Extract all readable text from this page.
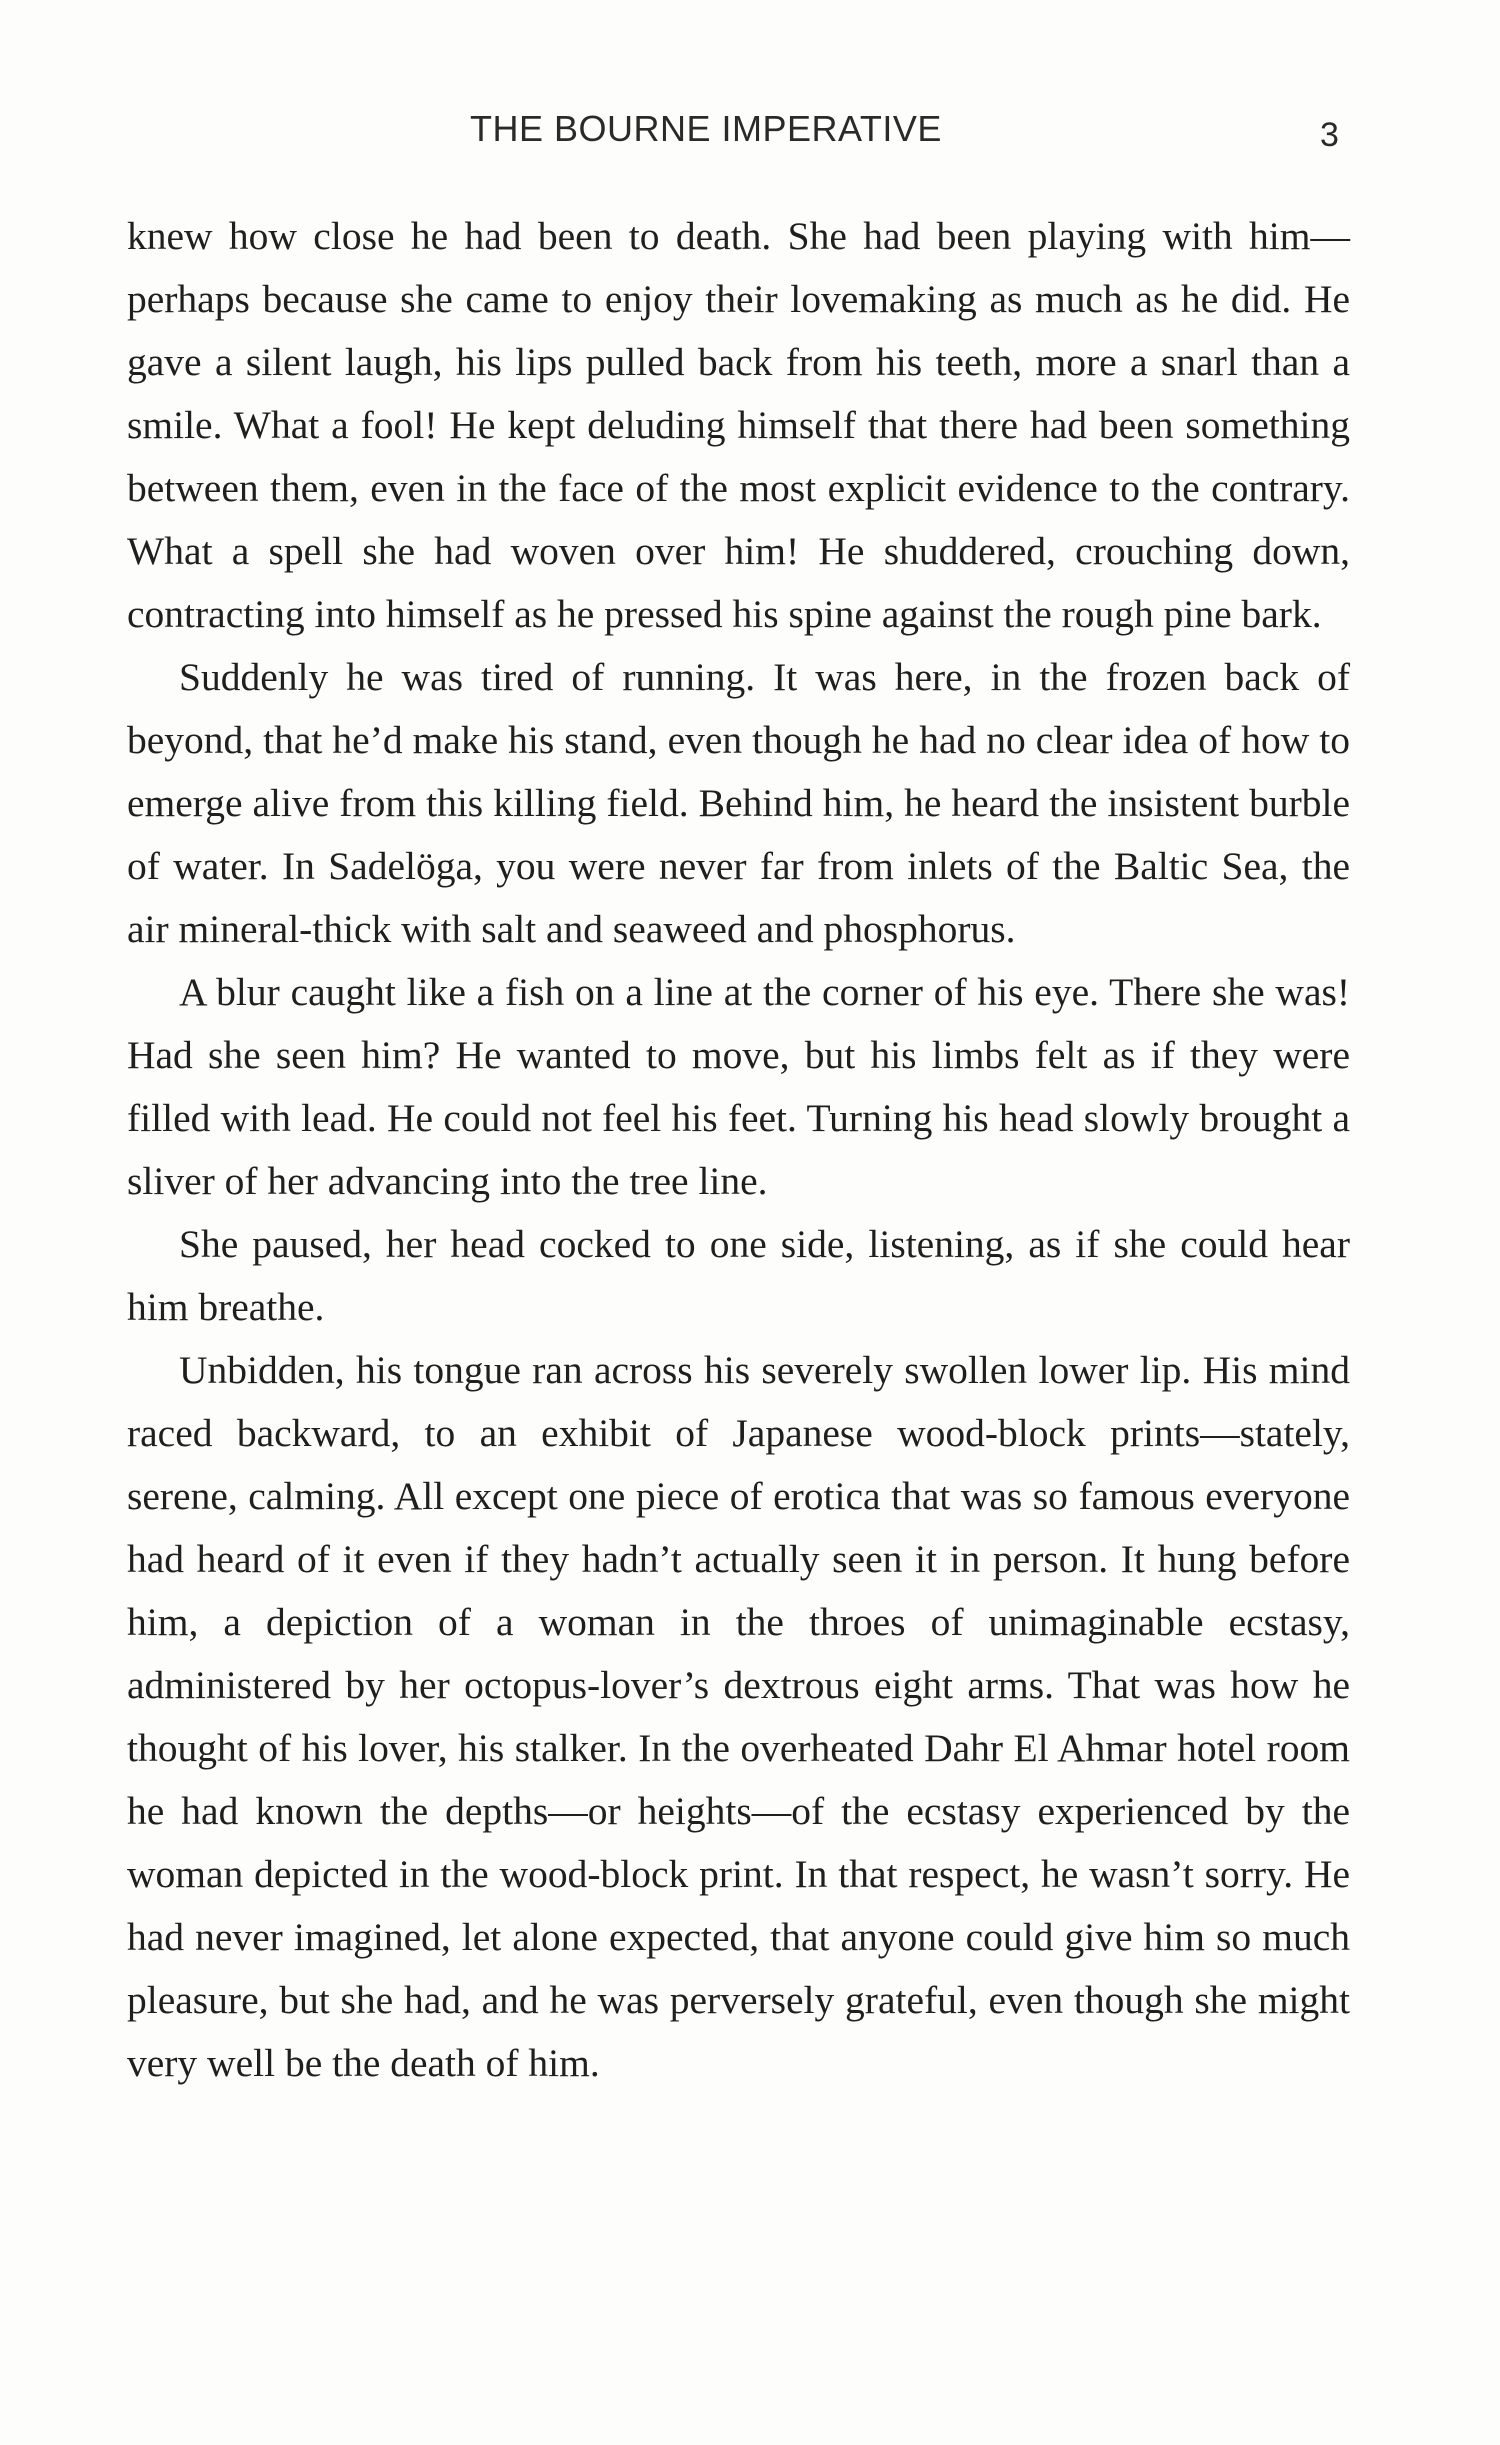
THE BOURNE IMPERATIVE	3

knew how close he had been to death. She had been playing with him—perhaps because she came to enjoy their lovemaking as much as he did. He gave a silent laugh, his lips pulled back from his teeth, more a snarl than a smile. What a fool! He kept deluding himself that there had been something between them, even in the face of the most explicit evidence to the contrary. What a spell she had woven over him! He shuddered, crouching down, contracting into himself as he pressed his spine against the rough pine bark.

Suddenly he was tired of running. It was here, in the frozen back of beyond, that he’d make his stand, even though he had no clear idea of how to emerge alive from this killing field. Behind him, he heard the insistent burble of water. In Sadelöga, you were never far from inlets of the Baltic Sea, the air mineral-thick with salt and seaweed and phosphorus.

A blur caught like a fish on a line at the corner of his eye. There she was! Had she seen him? He wanted to move, but his limbs felt as if they were filled with lead. He could not feel his feet. Turning his head slowly brought a sliver of her advancing into the tree line.

She paused, her head cocked to one side, listening, as if she could hear him breathe.

Unbidden, his tongue ran across his severely swollen lower lip. His mind raced backward, to an exhibit of Japanese wood-block prints—stately, serene, calming. All except one piece of erotica that was so famous everyone had heard of it even if they hadn’t actually seen it in person. It hung before him, a depiction of a woman in the throes of unimaginable ecstasy, administered by her octopus-lover’s dextrous eight arms. That was how he thought of his lover, his stalker. In the overheated Dahr El Ahmar hotel room he had known the depths—or heights—of the ecstasy experienced by the woman depicted in the wood-block print. In that respect, he wasn’t sorry. He had never imagined, let alone expected, that anyone could give him so much pleasure, but she had, and he was perversely grateful, even though she might very well be the death of him.
